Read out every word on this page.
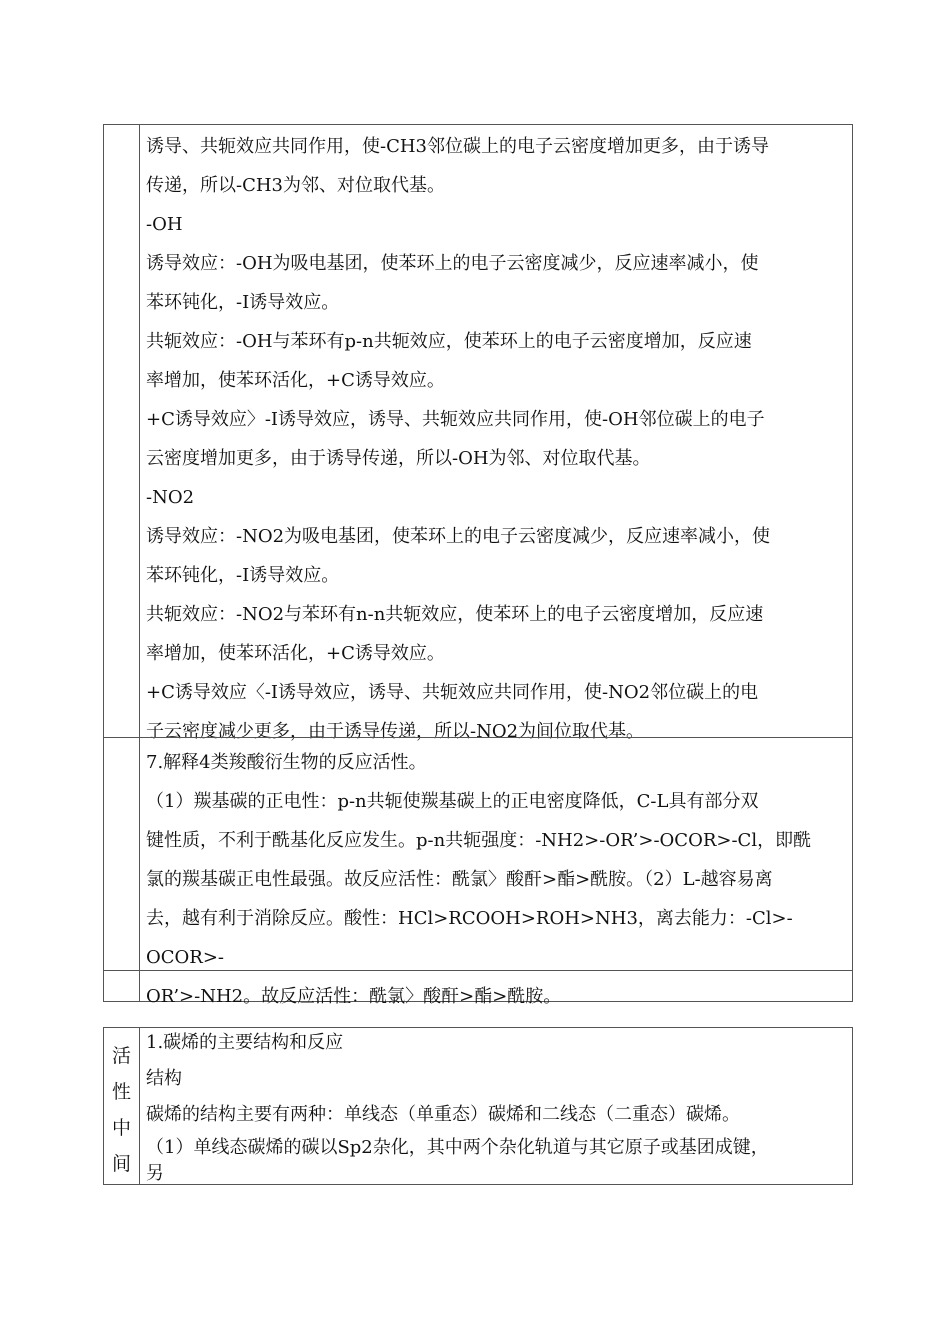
诱导、共轭效应共同作用，使-CH3邻位碳上的电子云密度增加更多，由于诱导

传递，所以-CH3为邻、对位取代基。

-OH

诱导效应：-OH为吸电基团，使苯环上的电子云密度减少，反应速率减小，使

苯环钝化，-I诱导效应。

共轭效应：-OH与苯环有p-n共轭效应，使苯环上的电子云密度增加，反应速

率增加，使苯环活化，+C诱导效应。

+C诱导效应〉-I诱导效应，诱导、共轭效应共同作用，使-OH邻位碳上的电子

云密度增加更多，由于诱导传递，所以-OH为邻、对位取代基。

-NO2

诱导效应：-NO2为吸电基团，使苯环上的电子云密度减少，反应速率减小，使

苯环钝化，-I诱导效应。

共轭效应：-NO2与苯环有n-n共轭效应，使苯环上的电子云密度增加，反应速

率增加，使苯环活化，+C诱导效应。

+C诱导效应〈-I诱导效应，诱导、共轭效应共同作用，使-NO2邻位碳上的电

子云密度减少更多，由于诱导传递，所以-NO2为间位取代基。

7.解释4类羧酸衍生物的反应活性。

（1）羰基碳的正电性：p-n共轭使羰基碳上的正电密度降低，C-L具有部分双

键性质，不利于酰基化反应发生。p-n共轭强度：-NH2>-OR’>-OCOR>-Cl，即酰

氯的羰基碳正电性最强。故反应活性：酰氯〉酸酐>酯>酰胺。（2）L-越容易离

去，越有利于消除反应。酸性：HCl>RCOOH>ROH>NH3，离去能力：-Cl>-OCOR>-

OR’>-NH2。故反应活性：酰氯〉酸酐>酯>酰胺。

活
性
中
间

1.碳烯的主要结构和反应

结构

碳烯的结构主要有两种：单线态（单重态）碳烯和二线态（二重态）碳烯。

（1）单线态碳烯的碳以Sp2杂化，其中两个杂化轨道与其它原子或基团成键，

另
